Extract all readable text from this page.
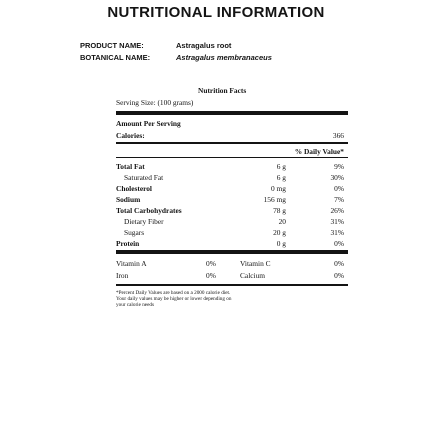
NUTRITIONAL INFORMATION
PRODUCT NAME:	Astragalus root
BOTANICAL NAME:	Astragalus membranaceus
Nutrition Facts
Serving Size: (100 grams)
Amount Per Serving
Calories:	366
% Daily Value*
Total Fat	6 g	9%
Saturated Fat	6 g	30%
Cholesterol	0 mg	0%
Sodium	156 mg	7%
Total Carbohydrates	78 g	26%
Dietary Fiber	20	31%
Sugars	20 g	31%
Protein	0 g	0%
Vitamin A	0%	Vitamin C	0%
Iron	0%	Calcium	0%
*Percent Daily Values are based on a 2000 calorie diet.
Your daily values may be higher or lower depending on
your calorie needs
